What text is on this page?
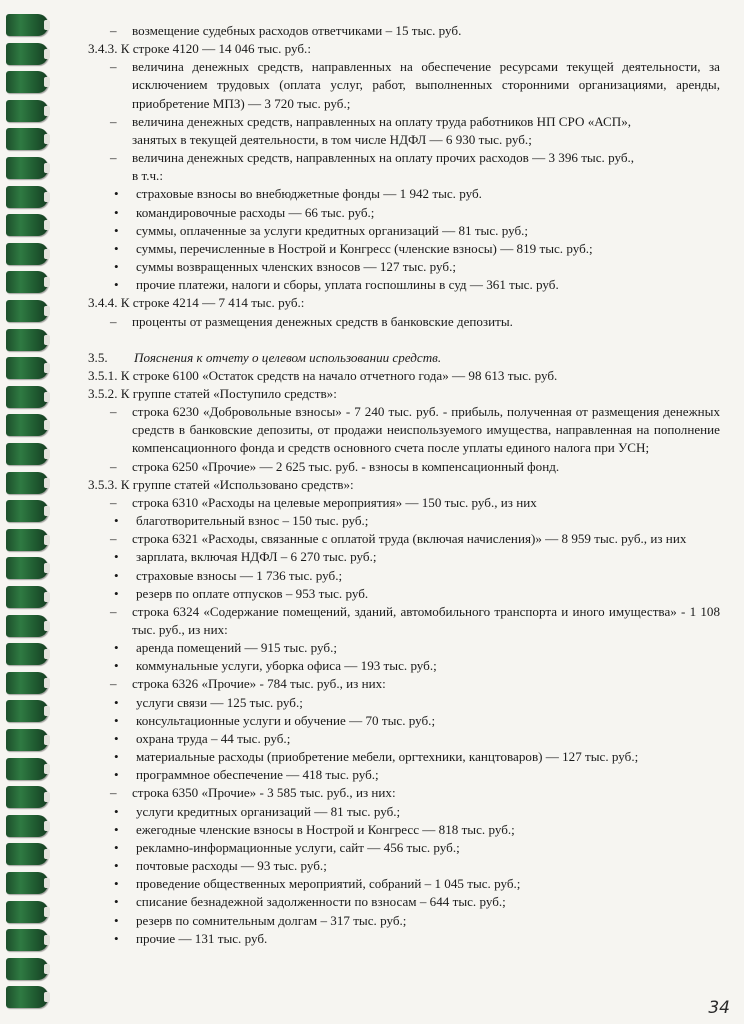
– возмещение судебных расходов ответчиками – 15 тыс. руб.
3.4.3. К строке 4120 — 14 046 тыс. руб.:
– величина денежных средств, направленных на обеспечение ресурсами текущей деятельности, за исключением трудовых (оплата услуг, работ, выполненных сторонними организациями, аренды, приобретение МПЗ) — 3 720 тыс. руб.;
– величина денежных средств, направленных на оплату труда работников НП СРО «АСП»,
занятых в текущей деятельности, в том числе НДФЛ — 6 930 тыс. руб.;
– величина денежных средств, направленных на оплату прочих расходов — 3 396 тыс. руб.,
в т.ч.:
• страховые взносы во внебюджетные фонды — 1 942 тыс. руб.
• командировочные расходы — 66 тыс. руб.;
• суммы, оплаченные за услуги кредитных организаций — 81 тыс. руб.;
• суммы, перечисленные в Нострой и Конгресс (членские взносы) — 819 тыс. руб.;
• суммы возвращенных членских взносов — 127 тыс. руб.;
• прочие платежи, налоги и сборы, уплата госпошлины в суд — 361 тыс. руб.
3.4.4. К строке 4214 — 7 414 тыс. руб.:
– проценты от размещения денежных средств в банковские депозиты.
3.5. Пояснения к отчету о целевом использовании средств.
3.5.1. К строке 6100 «Остаток средств на начало отчетного года» — 98 613 тыс. руб.
3.5.2. К группе статей «Поступило средств»:
– строка 6230 «Добровольные взносы» - 7 240 тыс. руб. - прибыль, полученная от размещения денежных средств в банковские депозиты, от продажи неиспользуемого имущества, направленная на пополнение компенсационного фонда и средств основного счета после уплаты единого налога при УСН;
– строка 6250 «Прочие» — 2 625 тыс. руб. - взносы в компенсационный фонд.
3.5.3. К группе статей «Использовано средств»:
– строка 6310 «Расходы на целевые мероприятия» — 150 тыс. руб., из них
• благотворительный взнос – 150 тыс. руб.;
– строка 6321 «Расходы, связанные с оплатой труда (включая начисления)» — 8 959 тыс. руб., из них
• зарплата, включая НДФЛ – 6 270 тыс. руб.;
• страховые взносы — 1 736 тыс. руб.;
• резерв по оплате отпусков – 953 тыс. руб.
– строка 6324 «Содержание помещений, зданий, автомобильного транспорта и иного имущества» - 1 108 тыс. руб., из них:
• аренда помещений — 915 тыс. руб.;
• коммунальные услуги, уборка офиса — 193 тыс. руб.;
– строка 6326 «Прочие» - 784 тыс. руб., из них:
• услуги связи — 125 тыс. руб.;
• консультационные услуги и обучение — 70 тыс. руб.;
• охрана труда – 44 тыс. руб.;
• материальные расходы (приобретение мебели, оргтехники, канцтоваров) — 127 тыс. руб.;
• программное обеспечение — 418 тыс. руб.;
– строка 6350 «Прочие» - 3 585 тыс. руб., из них:
• услуги кредитных организаций — 81 тыс. руб.;
• ежегодные членские взносы в Нострой и Конгресс — 818 тыс. руб.;
• рекламно-информационные услуги, сайт — 456 тыс. руб.;
• почтовые расходы — 93 тыс. руб.;
• проведение общественных мероприятий, собраний – 1 045 тыс. руб.;
• списание безнадежной задолженности по взносам – 644 тыс. руб.;
• резерв по сомнительным долгам – 317 тыс. руб.;
• прочие — 131 тыс. руб.
34
